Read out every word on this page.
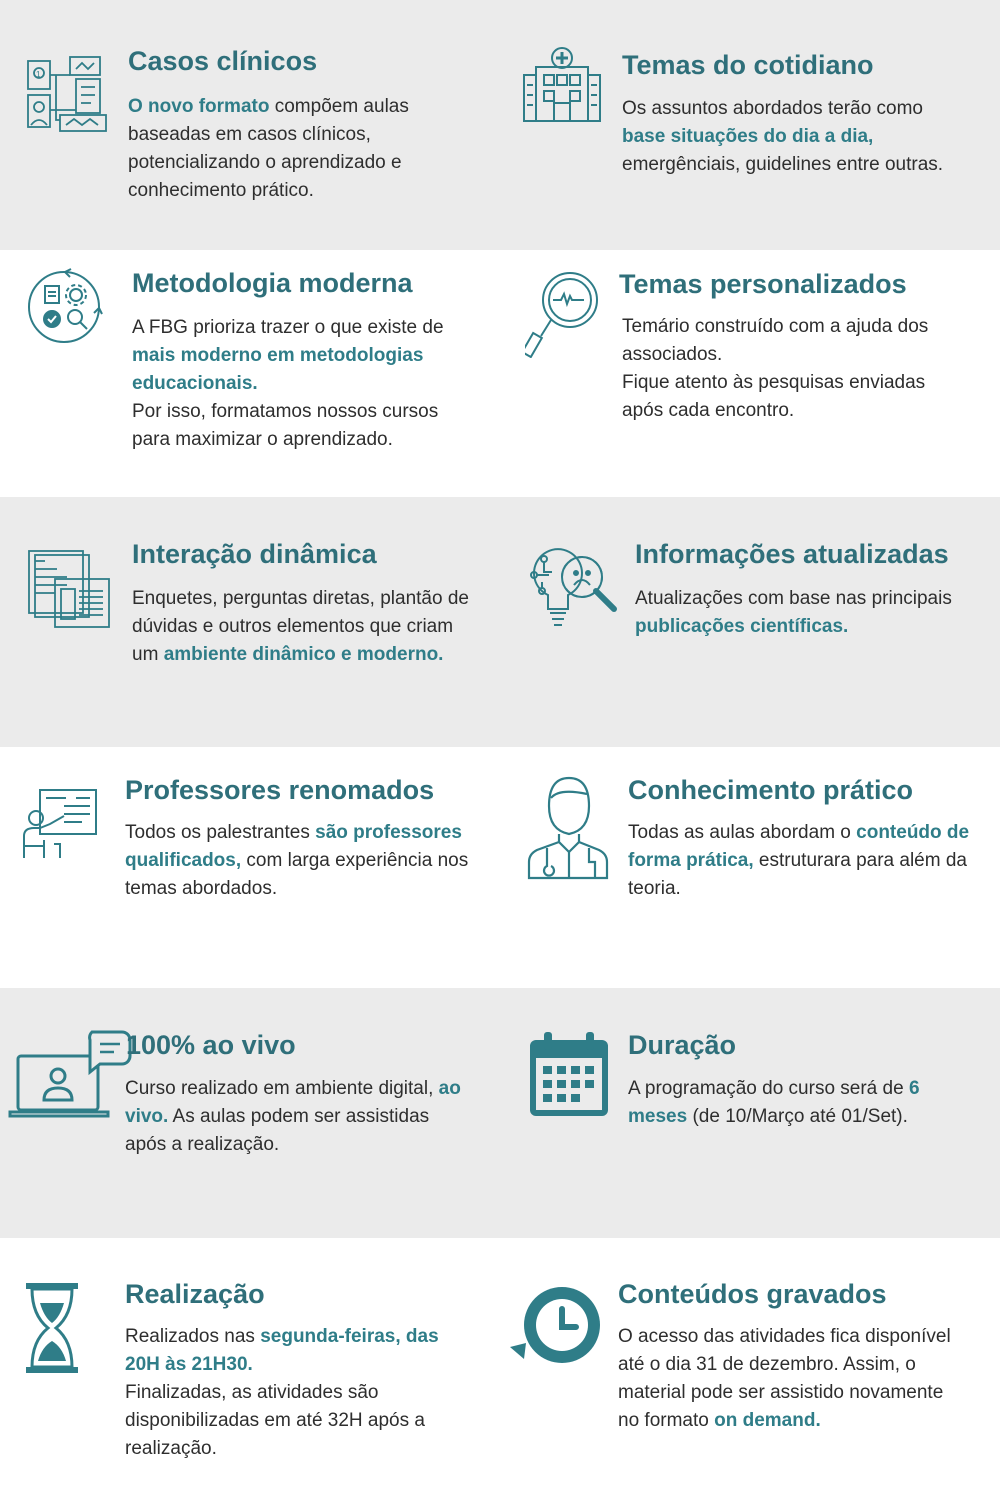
1	Casos clínicos
O novo formato compõem aulas baseadas em casos clínicos, potencializando o aprendizado e conhecimento prático.
Temas do cotidiano
Os assuntos abordados terão como base situações do dia a dia, emergênciais, guidelines entre outras.
Metodologia moderna
A FBG prioriza trazer o que existe de mais moderno em metodologias educacionais.
Por isso, formatamos nossos cursos para maximizar o aprendizado.
Temas personalizados
Temário construído com a ajuda dos associados.
Fique atento às pesquisas enviadas após cada encontro.
Interação dinâmica
Enquetes, perguntas diretas, plantão de dúvidas e outros elementos que criam um ambiente dinâmico e moderno.
Informações atualizadas
Atualizações com base nas principais publicações científicas.
Professores renomados
Todos os palestrantes são professores qualificados, com larga experiência nos temas abordados.
Conhecimento prático
Todas as aulas abordam o conteúdo de forma prática, estruturara para além da teoria.
100% ao vivo
Curso realizado em ambiente digital, ao vivo. As aulas podem ser assistidas após a realização.
Duração
A programação do curso será de 6 meses (de 10/Março até 01/Set).
Realização
Realizados nas segunda-feiras, das 20H às 21H30.
Finalizadas, as atividades são disponibilizadas em até 32H após a realização.
Conteúdos gravados
O acesso das atividades fica disponível até o dia 31 de dezembro. Assim, o material pode ser assistido novamente no formato on demand.
